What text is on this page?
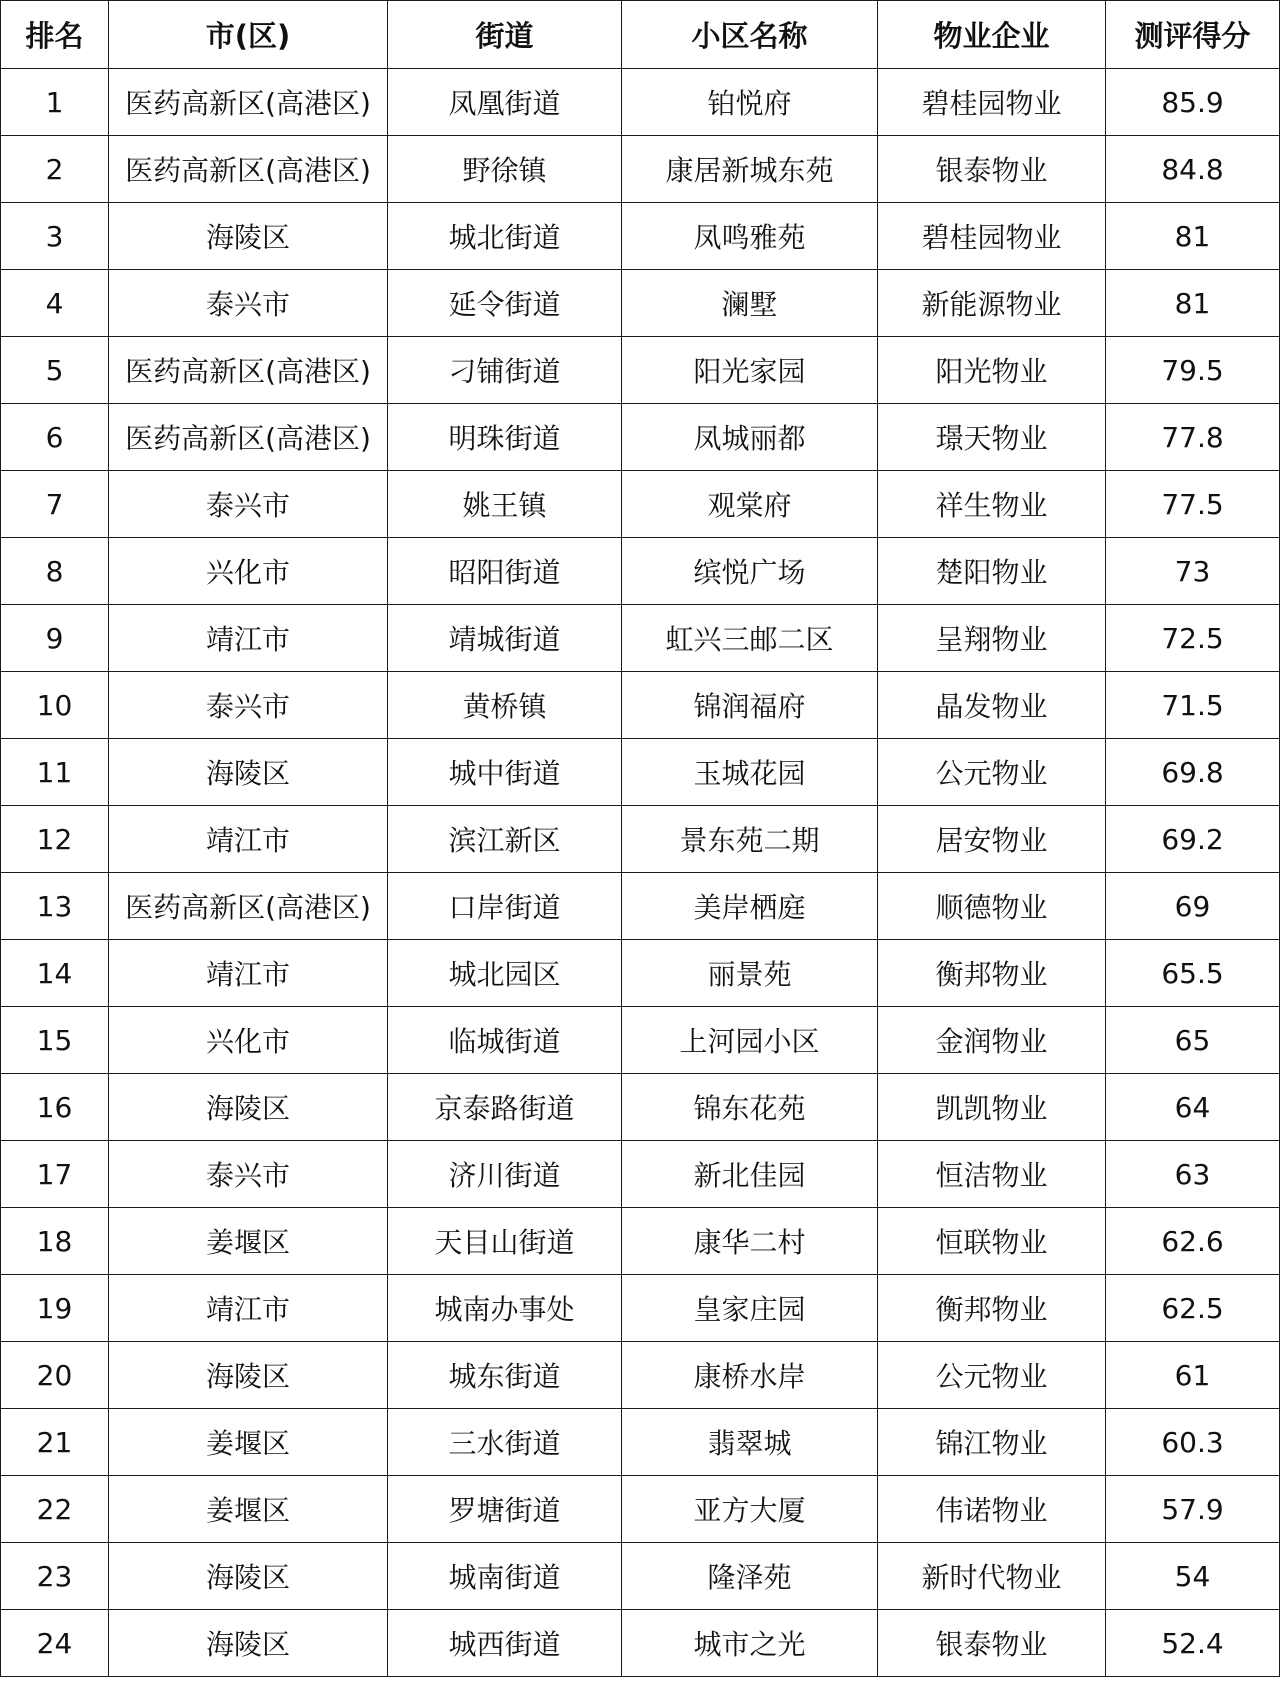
排名	市(区)	街道	小区名称	物业企业	测评得分
1	医药高新区(高港区)	凤凰街道	铂悦府	碧桂园物业	85.9
2	医药高新区(高港区)	野徐镇	康居新城东苑	银泰物业	84.8
3	海陵区	城北街道	凤鸣雅苑	碧桂园物业	81
4	泰兴市	延令街道	澜墅	新能源物业	81
5	医药高新区(高港区)	刁铺街道	阳光家园	阳光物业	79.5
6	医药高新区(高港区)	明珠街道	凤城丽都	璟天物业	77.8
7	泰兴市	姚王镇	观棠府	祥生物业	77.5
8	兴化市	昭阳街道	缤悦广场	楚阳物业	73
9	靖江市	靖城街道	虹兴三邮二区	呈翔物业	72.5
10	泰兴市	黄桥镇	锦润福府	晶发物业	71.5
11	海陵区	城中街道	玉城花园	公元物业	69.8
12	靖江市	滨江新区	景东苑二期	居安物业	69.2
13	医药高新区(高港区)	口岸街道	美岸栖庭	顺德物业	69
14	靖江市	城北园区	丽景苑	衡邦物业	65.5
15	兴化市	临城街道	上河园小区	金润物业	65
16	海陵区	京泰路街道	锦东花苑	凯凯物业	64
17	泰兴市	济川街道	新北佳园	恒洁物业	63
18	姜堰区	天目山街道	康华二村	恒联物业	62.6
19	靖江市	城南办事处	皇家庄园	衡邦物业	62.5
20	海陵区	城东街道	康桥水岸	公元物业	61
21	姜堰区	三水街道	翡翠城	锦江物业	60.3
22	姜堰区	罗塘街道	亚方大厦	伟诺物业	57.9
23	海陵区	城南街道	隆泽苑	新时代物业	54
24	海陵区	城西街道	城市之光	银泰物业	52.4
